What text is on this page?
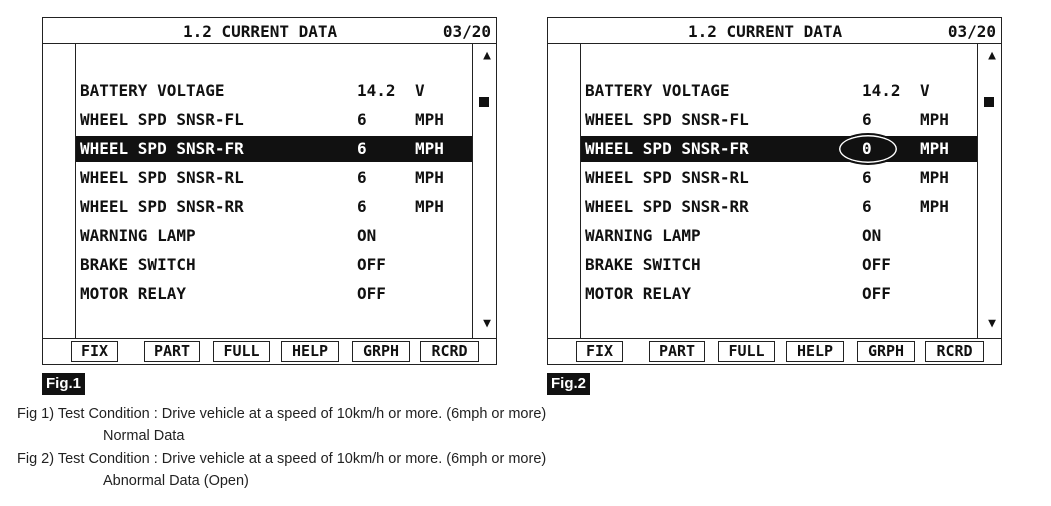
1.2 CURRENT DATA	03/20
BATTERY VOLTAGE	14.2 V
WHEEL SPD SNSR-FL	6	MPH
WHEEL SPD SNSR-FR	6	MPH
WHEEL SPD SNSR-RL	6	MPH
WHEEL SPD SNSR-RR	6	MPH
WARNING LAMP	ON
BRAKE SWITCH	OFF
MOTOR RELAY	OFF
▲
▼
FIX	PART	FULL	HELP	GRPH	RCRD
1.2 CURRENT DATA	03/20
BATTERY VOLTAGE	14.2 V
WHEEL SPD SNSR-FL	6	MPH
WHEEL SPD SNSR-FR	0	MPH
WHEEL SPD SNSR-RL	6	MPH
WHEEL SPD SNSR-RR	6	MPH
WARNING LAMP	ON
BRAKE SWITCH	OFF
MOTOR RELAY	OFF
▲
▼
FIX	PART	FULL	HELP	GRPH	RCRD
Fig.1	Fig.2
Fig 1) Test Condition : Drive vehicle at a speed of 10km/h or more. (6mph or more)
Normal Data
Fig 2) Test Condition : Drive vehicle at a speed of 10km/h or more. (6mph or more)
Abnormal Data (Open)
